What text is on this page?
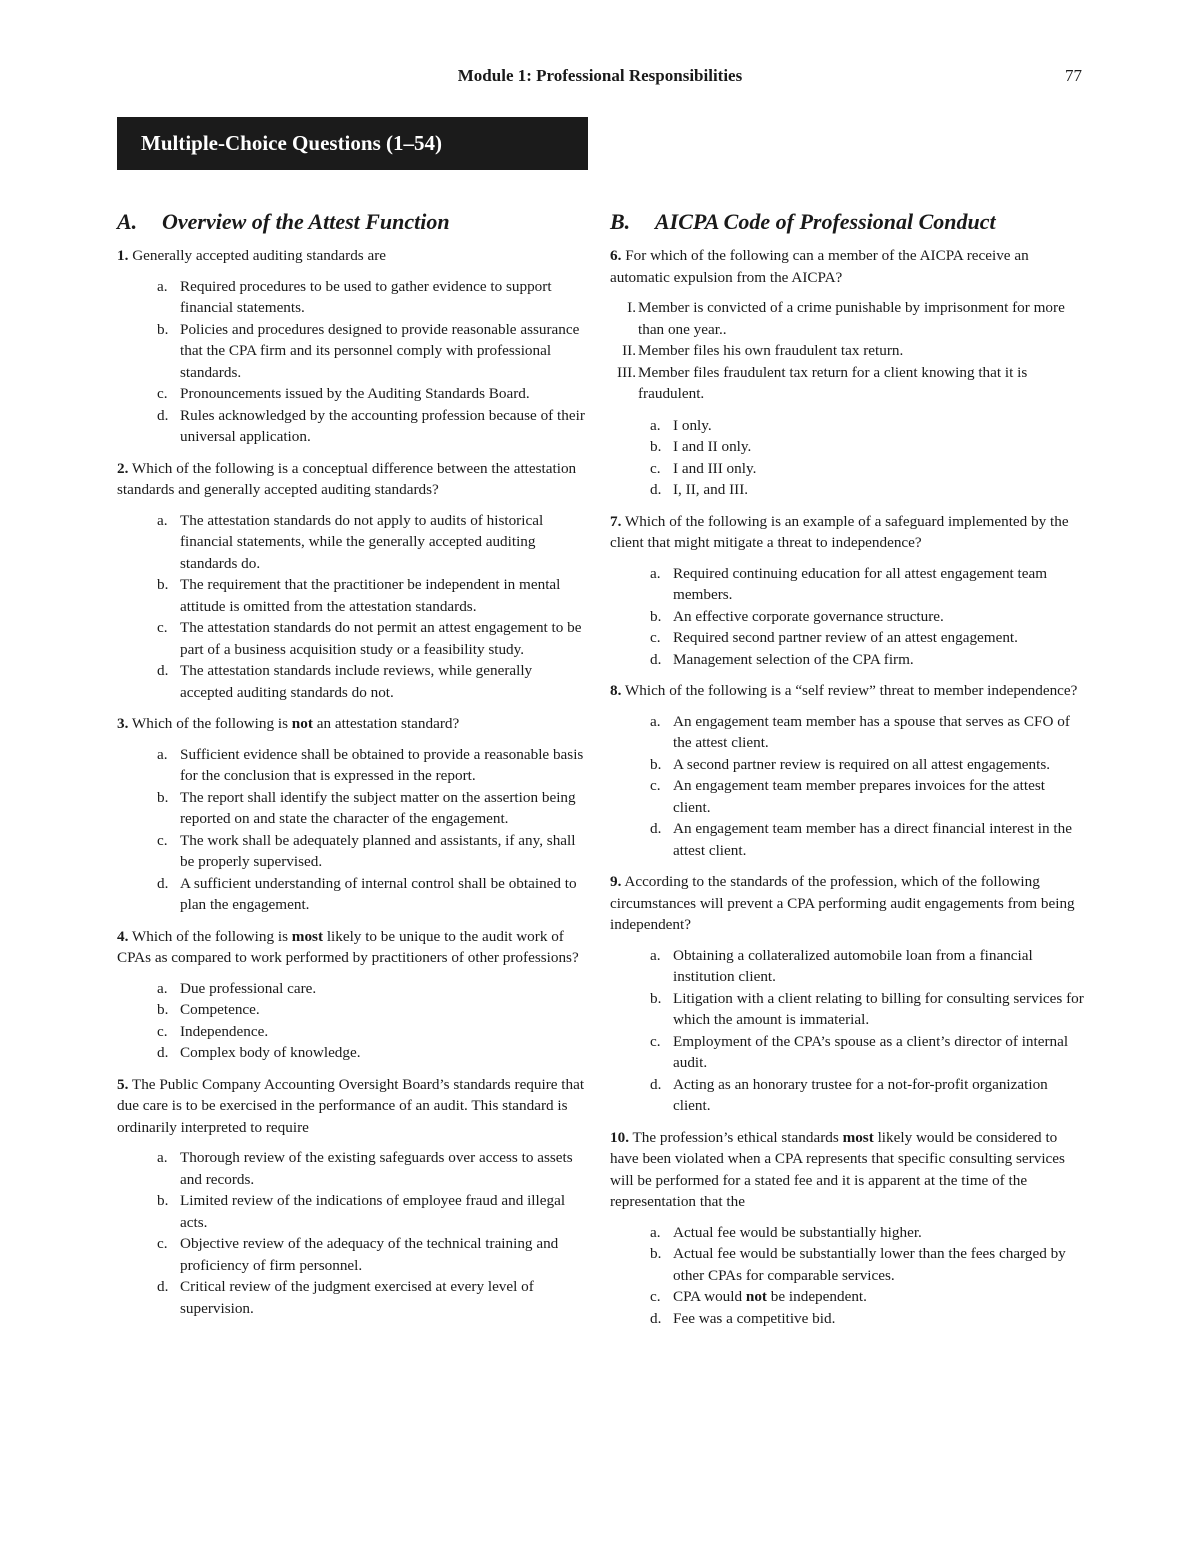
Module 1: Professional Responsibilities	77
Multiple-Choice Questions (1–54)
A. Overview of the Attest Function
1. Generally accepted auditing standards are
a. Required procedures to be used to gather evidence to support financial statements.
b. Policies and procedures designed to provide reasonable assurance that the CPA firm and its personnel comply with professional standards.
c. Pronouncements issued by the Auditing Standards Board.
d. Rules acknowledged by the accounting profession because of their universal application.
2. Which of the following is a conceptual difference between the attestation standards and generally accepted auditing standards?
a. The attestation standards do not apply to audits of historical financial statements, while the generally accepted auditing standards do.
b. The requirement that the practitioner be independent in mental attitude is omitted from the attestation standards.
c. The attestation standards do not permit an attest engagement to be part of a business acquisition study or a feasibility study.
d. The attestation standards include reviews, while generally accepted auditing standards do not.
3. Which of the following is not an attestation standard?
a. Sufficient evidence shall be obtained to provide a reasonable basis for the conclusion that is expressed in the report.
b. The report shall identify the subject matter on the assertion being reported on and state the character of the engagement.
c. The work shall be adequately planned and assistants, if any, shall be properly supervised.
d. A sufficient understanding of internal control shall be obtained to plan the engagement.
4. Which of the following is most likely to be unique to the audit work of CPAs as compared to work performed by practitioners of other professions?
a. Due professional care.
b. Competence.
c. Independence.
d. Complex body of knowledge.
5. The Public Company Accounting Oversight Board’s standards require that due care is to be exercised in the performance of an audit. This standard is ordinarily interpreted to require
a. Thorough review of the existing safeguards over access to assets and records.
b. Limited review of the indications of employee fraud and illegal acts.
c. Objective review of the adequacy of the technical training and proficiency of firm personnel.
d. Critical review of the judgment exercised at every level of supervision.
B. AICPA Code of Professional Conduct
6. For which of the following can a member of the AICPA receive an automatic expulsion from the AICPA?
I. Member is convicted of a crime punishable by imprisonment for more than one year..
II. Member files his own fraudulent tax return.
III. Member files fraudulent tax return for a client knowing that it is fraudulent.
a. I only.
b. I and II only.
c. I and III only.
d. I, II, and III.
7. Which of the following is an example of a safeguard implemented by the client that might mitigate a threat to independence?
a. Required continuing education for all attest engagement team members.
b. An effective corporate governance structure.
c. Required second partner review of an attest engagement.
d. Management selection of the CPA firm.
8. Which of the following is a “self review” threat to member independence?
a. An engagement team member has a spouse that serves as CFO of the attest client.
b. A second partner review is required on all attest engagements.
c. An engagement team member prepares invoices for the attest client.
d. An engagement team member has a direct financial interest in the attest client.
9. According to the standards of the profession, which of the following circumstances will prevent a CPA performing audit engagements from being independent?
a. Obtaining a collateralized automobile loan from a financial institution client.
b. Litigation with a client relating to billing for consulting services for which the amount is immaterial.
c. Employment of the CPA’s spouse as a client’s director of internal audit.
d. Acting as an honorary trustee for a not-for-profit organization client.
10. The profession’s ethical standards most likely would be considered to have been violated when a CPA represents that specific consulting services will be performed for a stated fee and it is apparent at the time of the representation that the
a. Actual fee would be substantially higher.
b. Actual fee would be substantially lower than the fees charged by other CPAs for comparable services.
c. CPA would not be independent.
d. Fee was a competitive bid.
